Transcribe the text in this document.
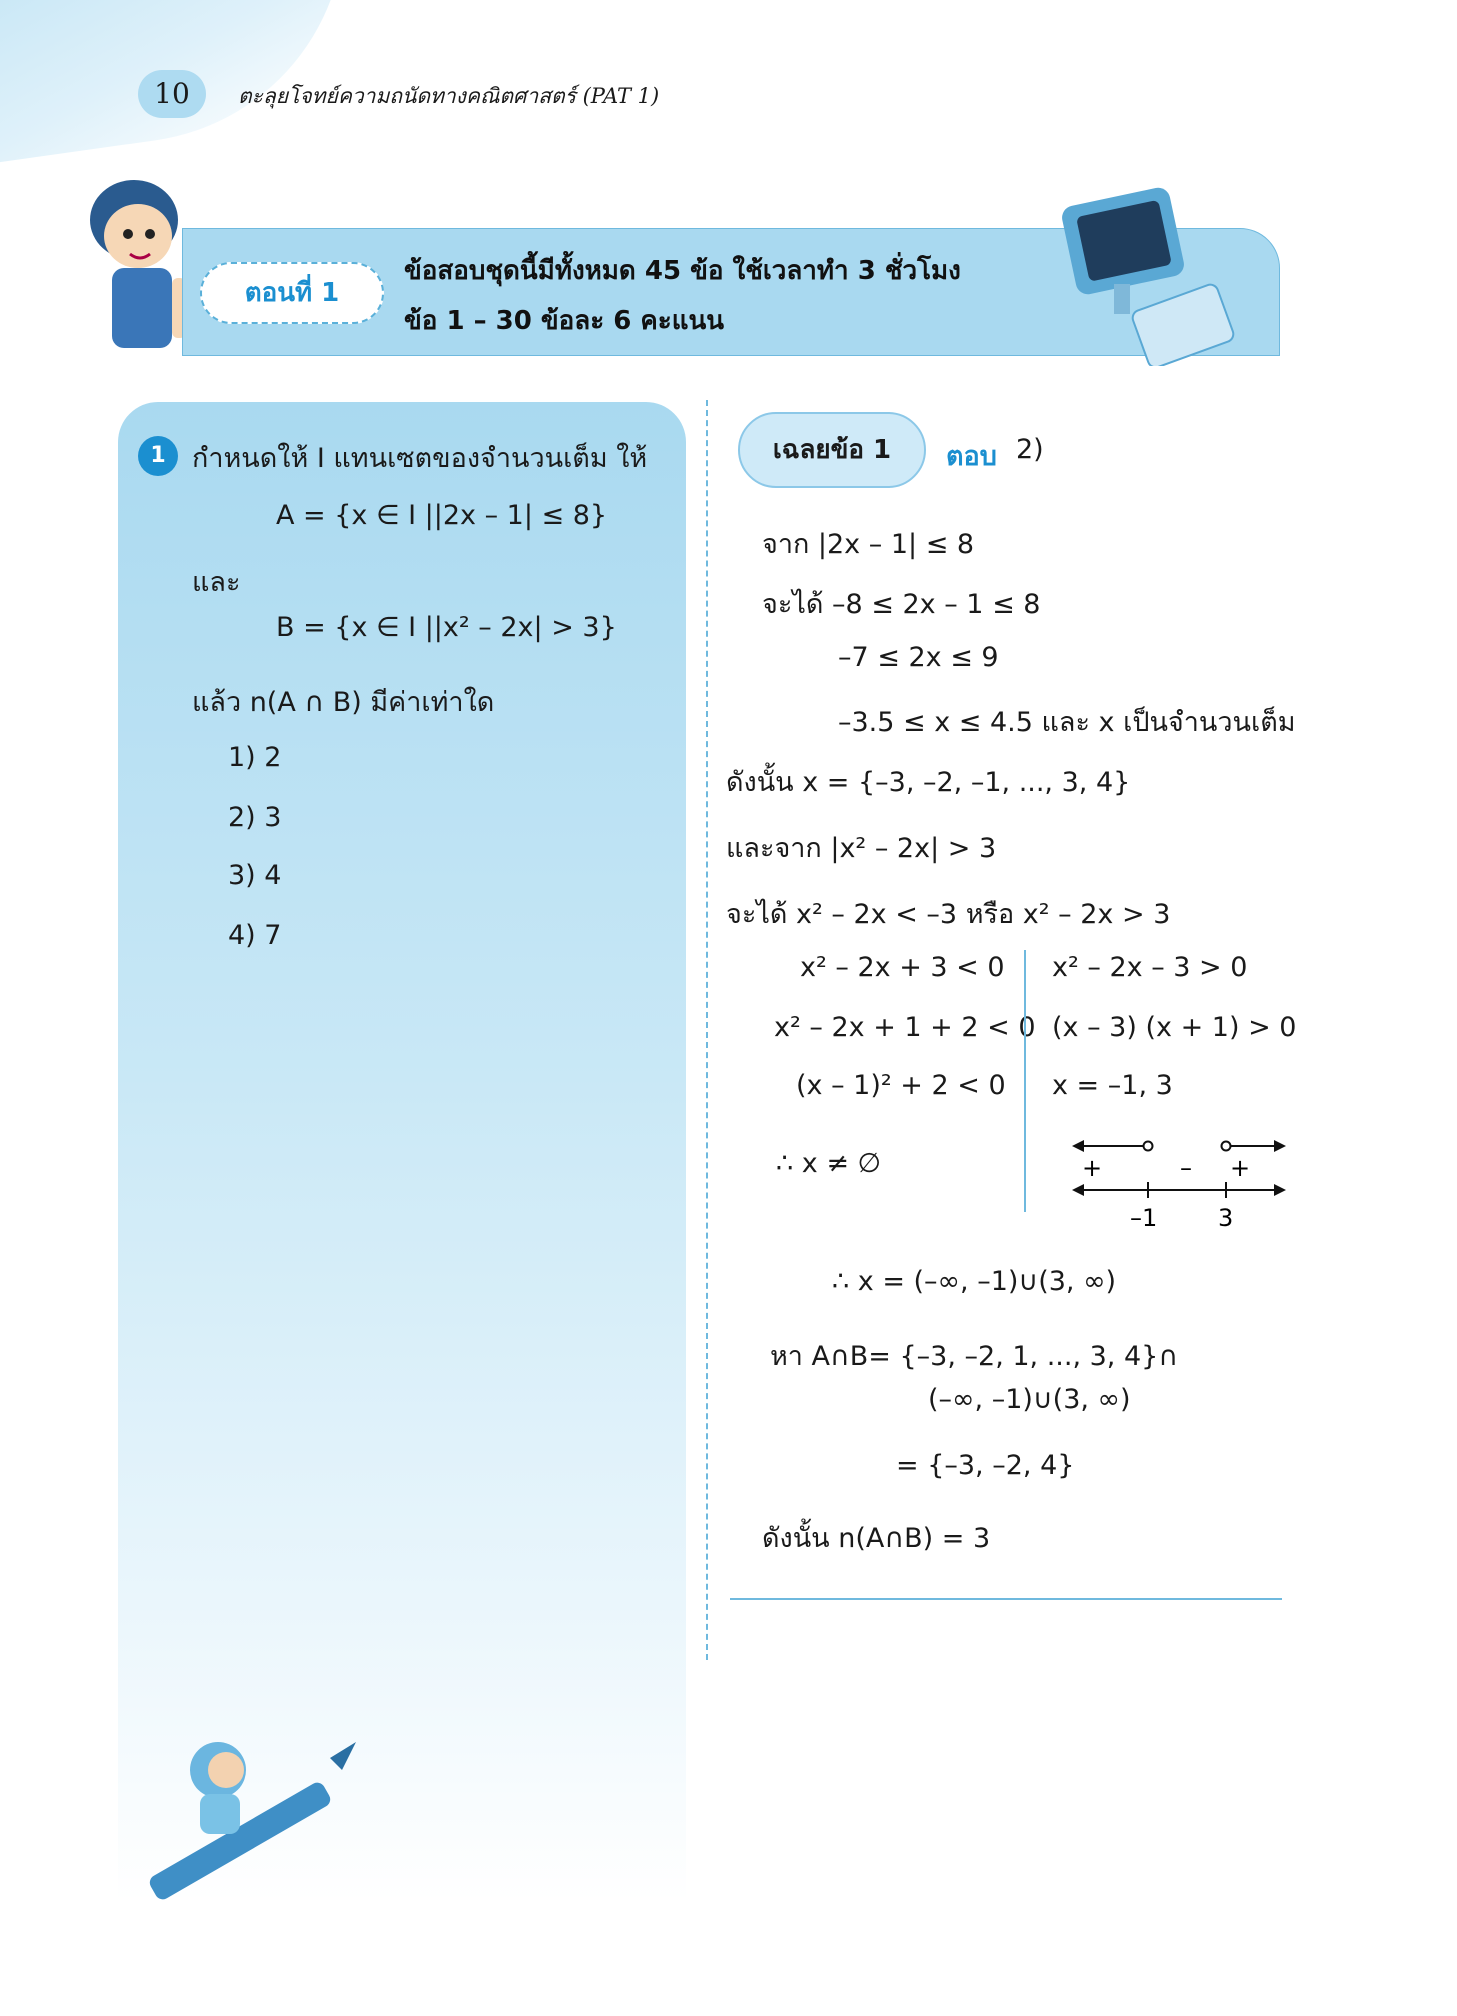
10	ตะลุยโจทย์ความถนัดทางคณิตศาสตร์ (PAT 1)
ตอนที่ 1
ข้อสอบชุดนี้มีทั้งหมด 45 ข้อ ใช้เวลาทำ 3 ชั่วโมง
ข้อ 1 – 30 ข้อละ 6 คะแนน
1 กำหนดให้ I แทนเซตของจำนวนเต็ม ให้
A = {x ∈ I ||2x – 1| ≤ 8}
และ
B = {x ∈ I ||x² – 2x| > 3}
แล้ว n(A ∩ B) มีค่าเท่าใด
1) 2
2) 3
3) 4
4) 7
เฉลยข้อ 1	ตอบ 2)
จาก |2x – 1| ≤ 8
จะได้ –8 ≤ 2x – 1 ≤ 8
–7 ≤ 2x ≤ 9
–3.5 ≤ x ≤ 4.5 และ x เป็นจำนวนเต็ม
ดังนั้น x = {–3, –2, –1, ..., 3, 4}
และจาก |x² – 2x| > 3
จะได้ x² – 2x < –3 หรือ x² – 2x > 3
x² – 2x + 3 < 0
x² – 2x + 1 + 2 < 0
(x – 1)² + 2 < 0
∴ x ≠ ∅
x² – 2x – 3 > 0
(x – 3) (x + 1) > 0
x = –1, 3
+	– +
–1	3
∴ x = (–∞, –1)∪(3, ∞)
หา A∩B= {–3, –2, 1, ..., 3, 4}∩
(–∞, –1)∪(3, ∞)
= {–3, –2, 4}
ดังนั้น n(A∩B) = 3
